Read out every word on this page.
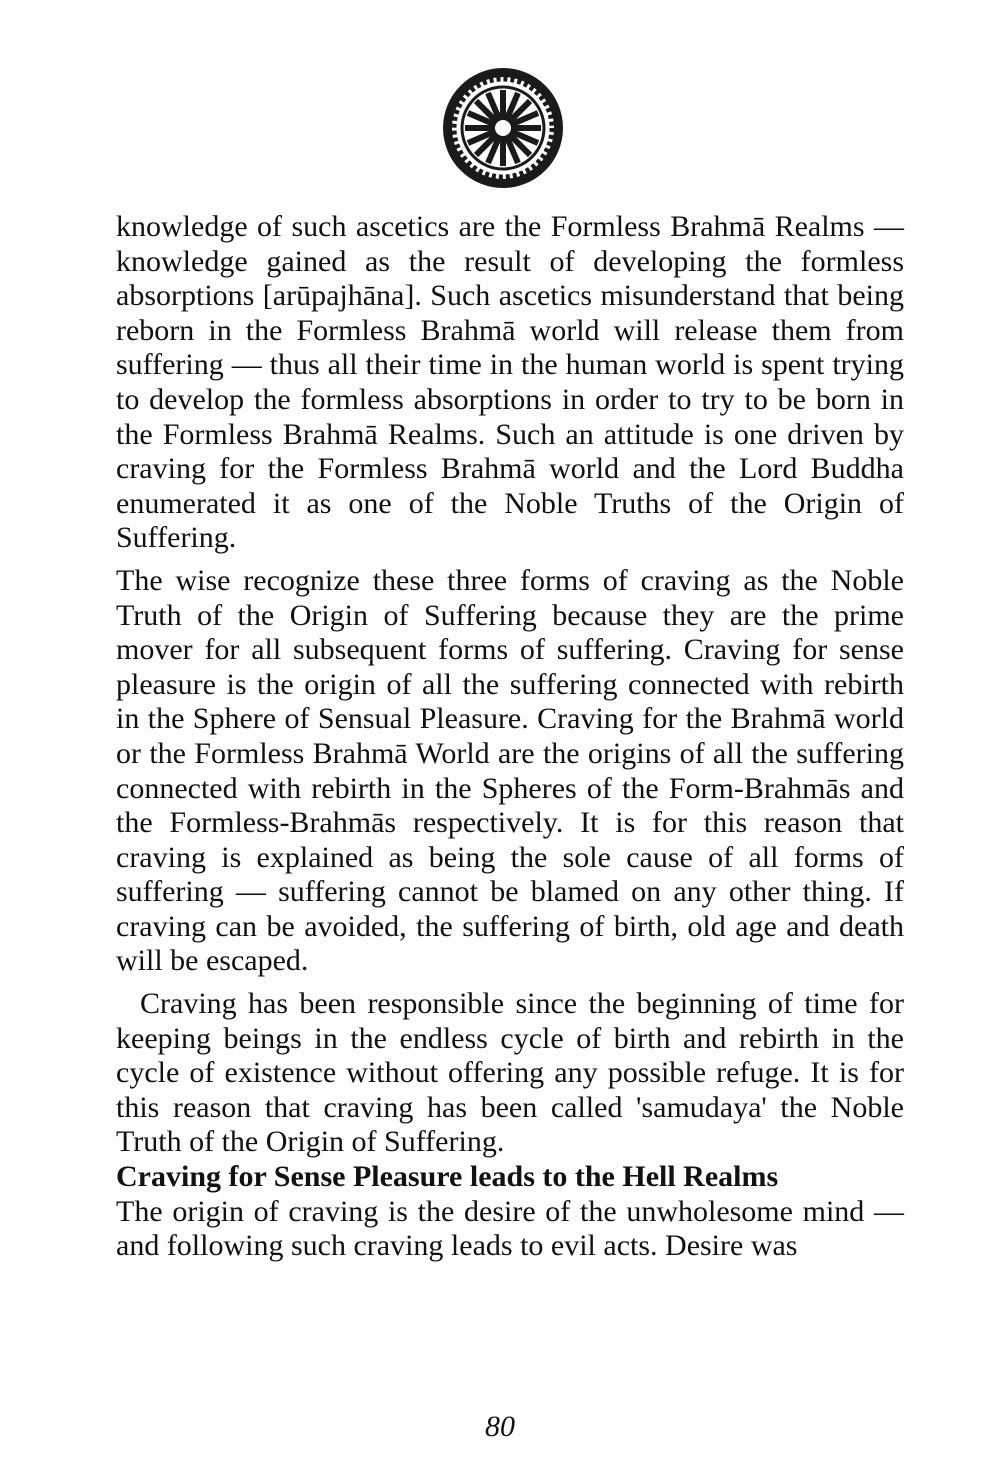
knowledge of such ascetics are the Formless Brahmā Realms — knowledge gained as the result of developing the formless absorptions [arūpajhāna]. Such ascetics misunderstand that being reborn in the Formless Brahmā world will release them from suffering — thus all their time in the human world is spent trying to develop the formless absorptions in order to try to be born in the Formless Brahmā Realms. Such an attitude is one driven by craving for the Formless Brahmā world and the Lord Buddha enumerated it as one of the Noble Truths of the Origin of Suffering.

The wise recognize these three forms of craving as the Noble Truth of the Origin of Suffering because they are the prime mover for all subsequent forms of suffering. Craving for sense pleasure is the origin of all the suffering connected with rebirth in the Sphere of Sensual Pleasure. Craving for the Brahmā world or the Formless Brahmā World are the origins of all the suffering connected with rebirth in the Spheres of the Form-Brahmās and the Formless-Brahmās respectively. It is for this reason that craving is explained as being the sole cause of all forms of suffering — suffering cannot be blamed on any other thing. If craving can be avoided, the suffering of birth, old age and death will be escaped.

Craving has been responsible since the beginning of time for keeping beings in the endless cycle of birth and rebirth in the cycle of existence without offering any possible refuge. It is for this reason that craving has been called 'samudaya' the Noble Truth of the Origin of Suffering.

Craving for Sense Pleasure leads to the Hell Realms

The origin of craving is the desire of the unwholesome mind — and following such craving leads to evil acts. Desire was

80
